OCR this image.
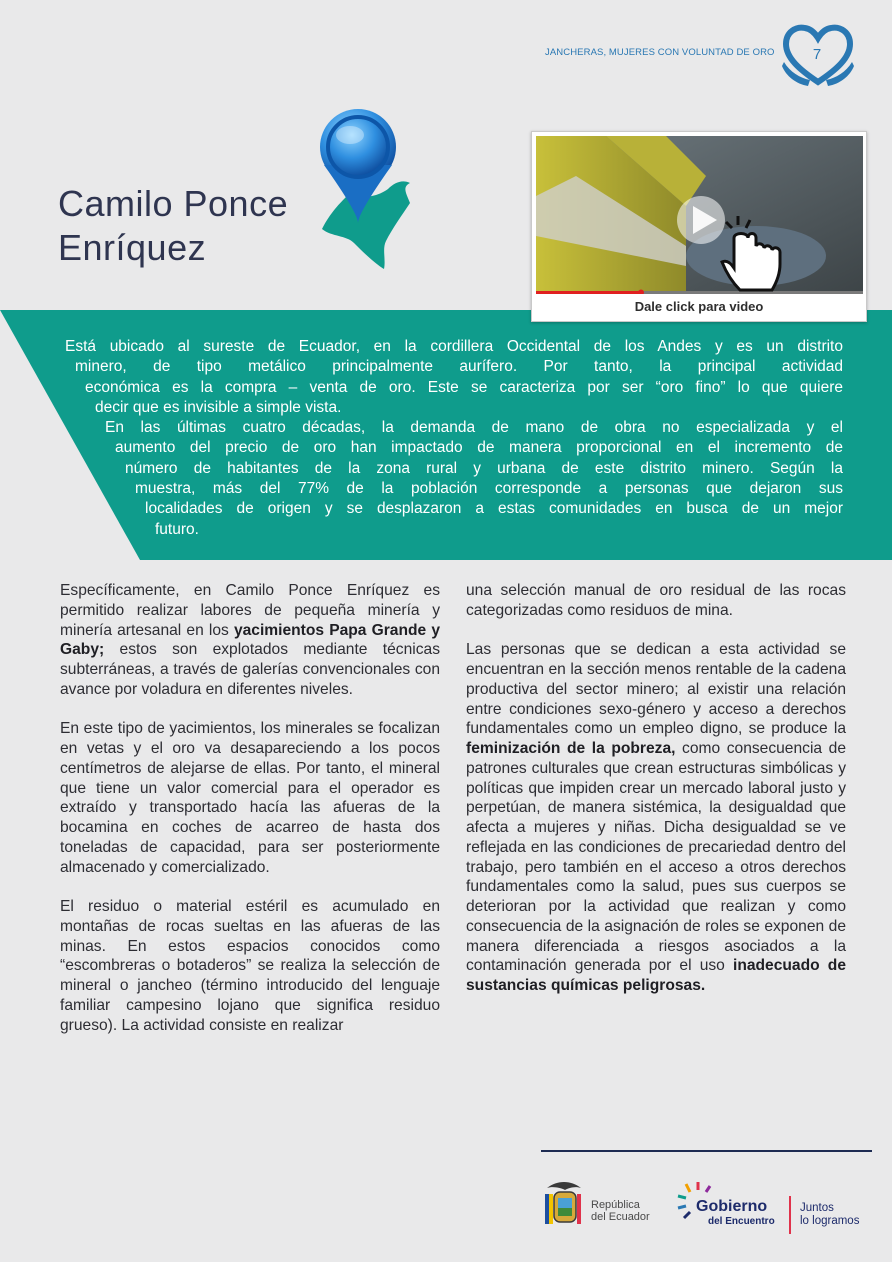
JANCHERAS, MUJERES CON VOLUNTAD DE ORO	7
Camilo Ponce
Enríquez
Dale click para video
Está ubicado al sureste de Ecuador, en la cordillera Occidental de los Andes y es un distrito
minero, de tipo metálico principalmente aurífero. Por tanto, la principal actividad
económica es la compra – venta de oro. Este se caracteriza por ser “oro fino” lo que quiere
decir que es invisible a simple vista.
En las últimas cuatro décadas, la demanda de mano de obra no especializada y el
aumento del precio de oro han impactado de manera proporcional en el incremento de
número de habitantes de la zona rural y urbana de este distrito minero. Según la
muestra, más del 77% de la población corresponde a personas que dejaron sus
localidades de origen y se desplazaron a estas comunidades en busca de un mejor
futuro.

Específicamente, en Camilo Ponce Enríquez es permitido realizar labores de pequeña minería y minería artesanal en los yacimientos Papa Grande y Gaby; estos son explotados mediante técnicas subterráneas, a través de galerías convencionales con avance por voladura en diferentes niveles.

En este tipo de yacimientos, los minerales se focalizan en vetas y el oro va desapareciendo a los pocos centímetros de alejarse de ellas. Por tanto, el mineral que tiene un valor comercial para el operador es extraído y transportado hacía las afueras de la bocamina en coches de acarreo de hasta dos toneladas de capacidad, para ser posteriormente almacenado y comercializado.

El residuo o material estéril es acumulado en montañas de rocas sueltas en las afueras de las minas. En estos espacios conocidos como “escombreras o botaderos” se realiza la selección de mineral o jancheo (término introducido del lenguaje familiar campesino lojano que significa residuo grueso). La actividad consiste en realizar

una selección manual de oro residual de las rocas categorizadas como residuos de mina.

Las personas que se dedican a esta actividad se encuentran en la sección menos rentable de la cadena productiva del sector minero; al existir una relación entre condiciones sexo-género y acceso a derechos fundamentales como un empleo digno, se produce la feminización de la pobreza, como consecuencia de patrones culturales que crean estructuras simbólicas y políticas que impiden crear un mercado laboral justo y perpetúan, de manera sistémica, la desigualdad que afecta a mujeres y niñas. Dicha desigualdad se ve reflejada en las condiciones de precariedad dentro del trabajo, pero también en el acceso a otros derechos fundamentales como la salud, pues sus cuerpos se deterioran por la actividad que realizan y como consecuencia de la asignación de roles se exponen de manera diferenciada a riesgos asociados a la contaminación generada por el uso inadecuado de sustancias químicas peligrosas.

República
del Ecuador
Gobierno
del Encuentro
Juntos
lo logramos
